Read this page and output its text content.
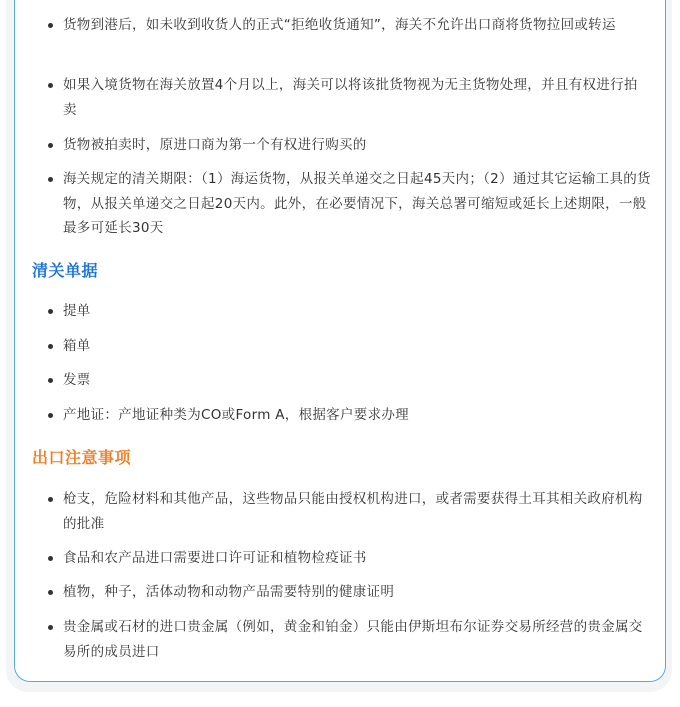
货物到港后，如未收到收货人的正式“拒绝收货通知”，海关不允许出口商将货物拉回或转运
如果入境货物在海关放置4个月以上，海关可以将该批货物视为无主货物处理，并且有权进行拍卖
货物被拍卖时，原进口商为第一个有权进行购买的
海关规定的清关期限：（1）海运货物，从报关单递交之日起45天内；（2）通过其它运输工具的货物，从报关单递交之日起20天内。此外，在必要情况下，海关总署可缩短或延长上述期限，一般最多可延长30天
清关单据
提单
箱单
发票
产地证：产地证种类为CO或Form A，根据客户要求办理
出口注意事项
枪支，危险材料和其他产品，这些物品只能由授权机构进口，或者需要获得土耳其相关政府机构的批准
食品和农产品进口需要进口许可证和植物检疫证书
植物，种子，活体动物和动物产品需要特别的健康证明
贵金属或石材的进口贵金属（例如，黄金和铂金）只能由伊斯坦布尔证券交易所经营的贵金属交易所的成员进口
